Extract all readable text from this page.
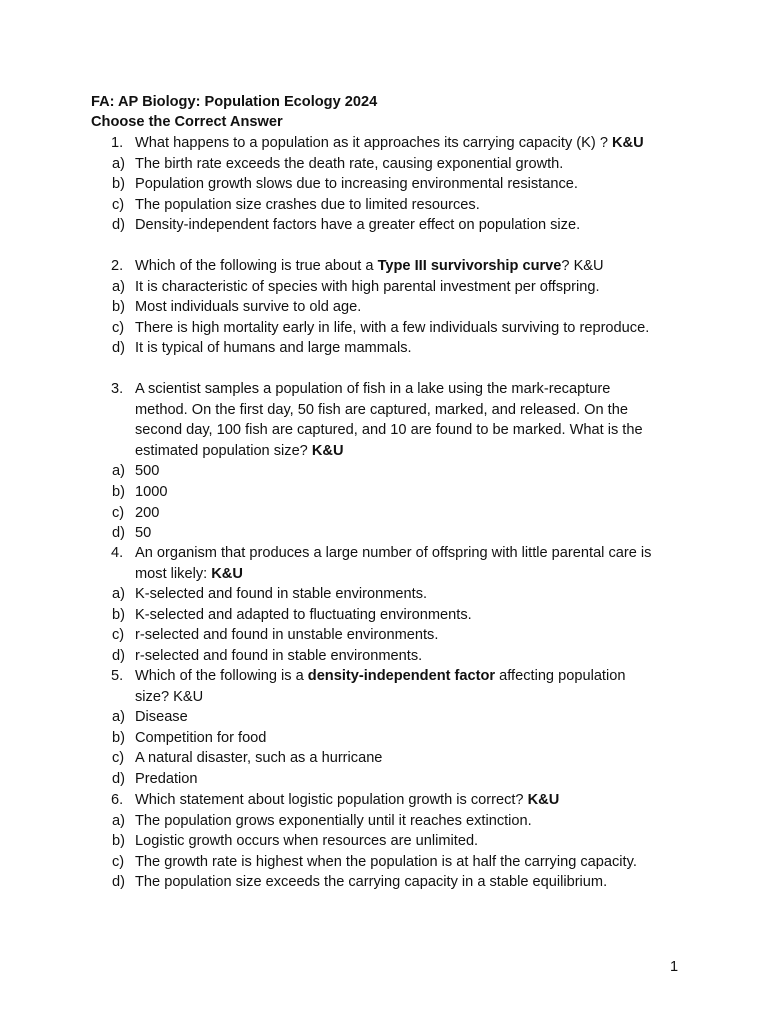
FA: AP Biology: Population Ecology 2024
Choose the Correct Answer
1. What happens to a population as it approaches its carrying capacity (K) ? K&U
a) The birth rate exceeds the death rate, causing exponential growth.
b) Population growth slows due to increasing environmental resistance.
c) The population size crashes due to limited resources.
d) Density-independent factors have a greater effect on population size.
2. Which of the following is true about a Type III survivorship curve? K&U
a) It is characteristic of species with high parental investment per offspring.
b) Most individuals survive to old age.
c) There is high mortality early in life, with a few individuals surviving to reproduce.
d) It is typical of humans and large mammals.
3. A scientist samples a population of fish in a lake using the mark-recapture
method. On the first day, 50 fish are captured, marked, and released. On the
second day, 100 fish are captured, and 10 are found to be marked. What is the
estimated population size? K&U
a) 500
b) 1000
c) 200
d) 50
4. An organism that produces a large number of offspring with little parental care is
most likely: K&U
a) K-selected and found in stable environments.
b) K-selected and adapted to fluctuating environments.
c) r-selected and found in unstable environments.
d) r-selected and found in stable environments.
5. Which of the following is a density-independent factor affecting population
size? K&U
a) Disease
b) Competition for food
c) A natural disaster, such as a hurricane
d) Predation
6. Which statement about logistic population growth is correct? K&U
a) The population grows exponentially until it reaches extinction.
b) Logistic growth occurs when resources are unlimited.
c) The growth rate is highest when the population is at half the carrying capacity.
d) The population size exceeds the carrying capacity in a stable equilibrium.
1
